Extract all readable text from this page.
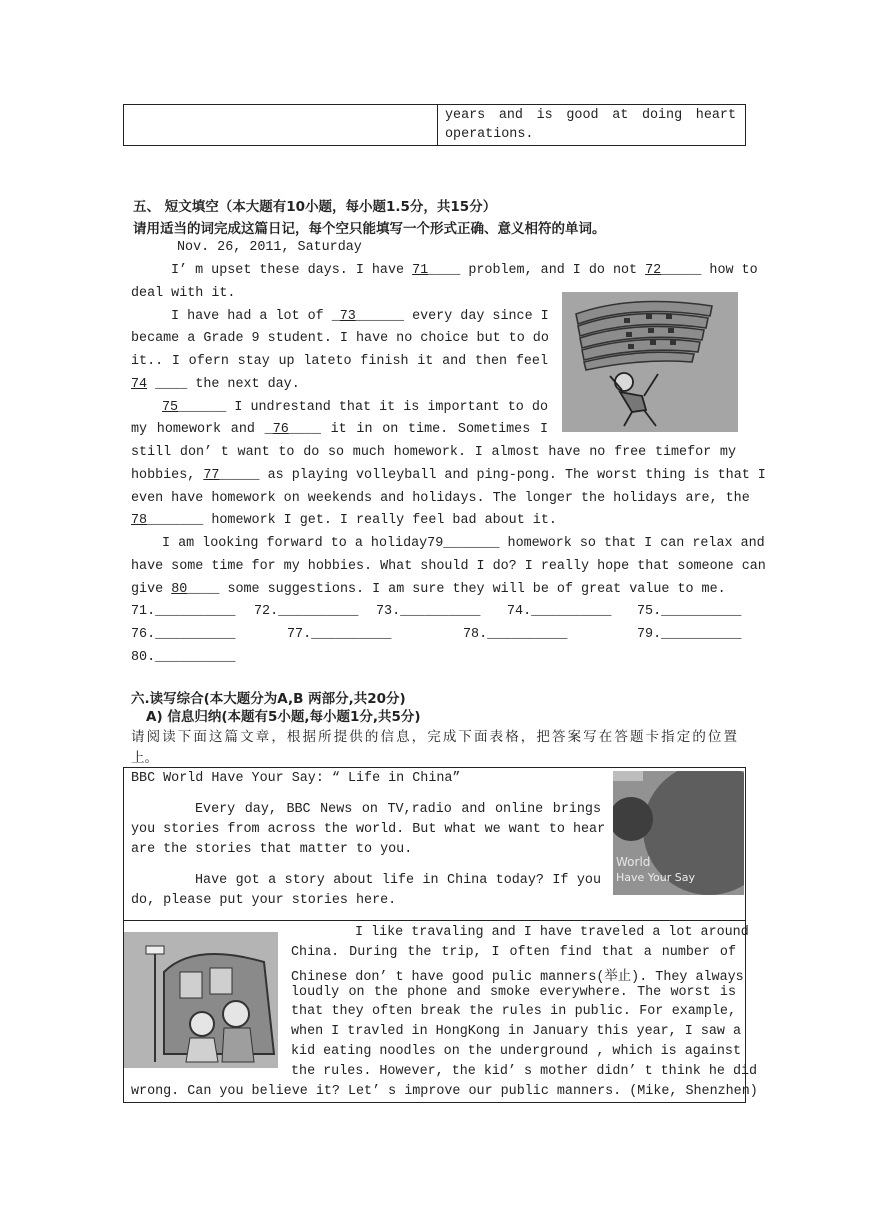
years and is good at doing heart
operations.
五、 短文填空（本大题有10小题，每小题1.5分，共15分）
请用适当的词完成这篇日记，每个空只能填写一个形式正确、意义相符的单词。
Nov. 26, 2011, Saturday
I’ m upset these days. I have 71____ problem, and I do not 72_____ how to
deal with it.
I have had a lot of _73______ every day since I
became a Grade 9 student. I have no choice but to do
it.. I ofern stay up lateto finish it and then feel
74 ____ the next day.
75______ I undrestand that it is important to do
my homework and _76____ it in on time. Sometimes I
still don’ t want to do so much homework. I almost have no free timefor my
hobbies, 77_____ as playing volleyball and ping-pong. The worst thing is that I
even have homework on weekends and holidays. The longer the holidays are, the
78_______ homework I get. I really feel bad about it.
I am looking forward to a holiday79_______ homework so that I can relax and
have some time for my hobbies. What should I do? I really hope that someone can
give 80____ some suggestions. I am sure they will be of great value to me.
71.__________ 72.__________ 73.__________ 74.__________ 75.__________
76.__________	77.__________	78.__________	79.__________
80.__________
六.读写综合(本大题分为A,B 两部分,共20分)
A) 信息归纳(本题有5小题,每小题1分,共5分)
请阅读下面这篇文章，根据所提供的信息，完成下面表格，把答案写在答题卡指定的位置
上。
BBC World Have Your Say: “ Life in China”
Every day, BBC News on TV,radio and online brings
you stories from across the world. But what we want to hear
are the stories that matter to you.
Have got a story about life in China today? If you
do, please put your stories here.
World
Have Your Say
I like travaling and I have traveled a lot around
China. During the trip, I often find that a number of
Chinese don’ t have good pulic manners(举止). They always
loudly on the phone and smoke everywhere. The worst is
that they often break the rules in public. For example,
when I travled in HongKong in January this year, I saw a
kid eating noodles on the underground , which is against
the rules. However, the kid’ s mother didn’ t think he did
wrong. Can you believe it? Let’ s improve our public manners. (Mike, Shenzhen)
